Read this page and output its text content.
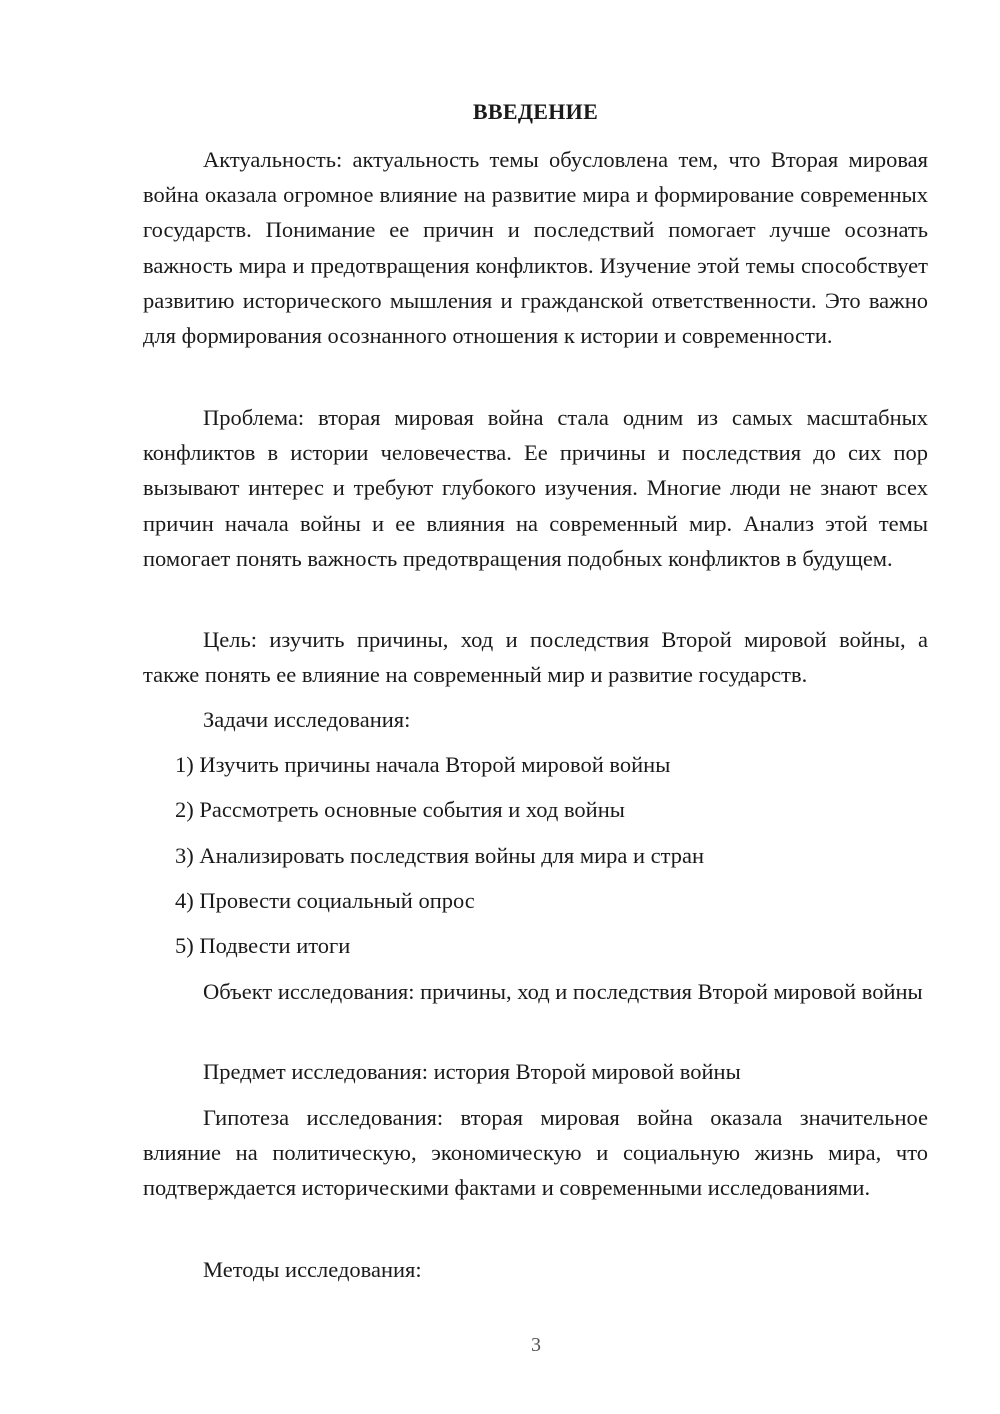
ВВЕДЕНИЕ

Актуальность: актуальность темы обусловлена тем, что Вторая мировая война оказала огромное влияние на развитие мира и формирование современных государств. Понимание ее причин и последствий помогает лучше осознать важность мира и предотвращения конфликтов. Изучение этой темы способствует развитию исторического мышления и гражданской ответственности. Это важно для формирования осознанного отношения к истории и современности.

Проблема: вторая мировая война стала одним из самых масштабных конфликтов в истории человечества. Ее причины и последствия до сих пор вызывают интерес и требуют глубокого изучения. Многие люди не знают всех причин начала войны и ее влияния на современный мир. Анализ этой темы помогает понять важность предотвращения подобных конфликтов в будущем.

Цель: изучить причины, ход и последствия Второй мировой войны, а также понять ее влияние на современный мир и развитие государств.

Задачи исследования:

1) Изучить причины начала Второй мировой войны

2) Рассмотреть основные события и ход войны

3) Анализировать последствия войны для мира и стран

4) Провести социальный опрос

5) Подвести итоги

Объект исследования: причины, ход и последствия Второй мировой войны

Предмет исследования: история Второй мировой войны

Гипотеза исследования: вторая мировая война оказала значительное влияние на политическую, экономическую и социальную жизнь мира, что подтверждается историческими фактами и современными исследованиями.

Методы исследования:

3
